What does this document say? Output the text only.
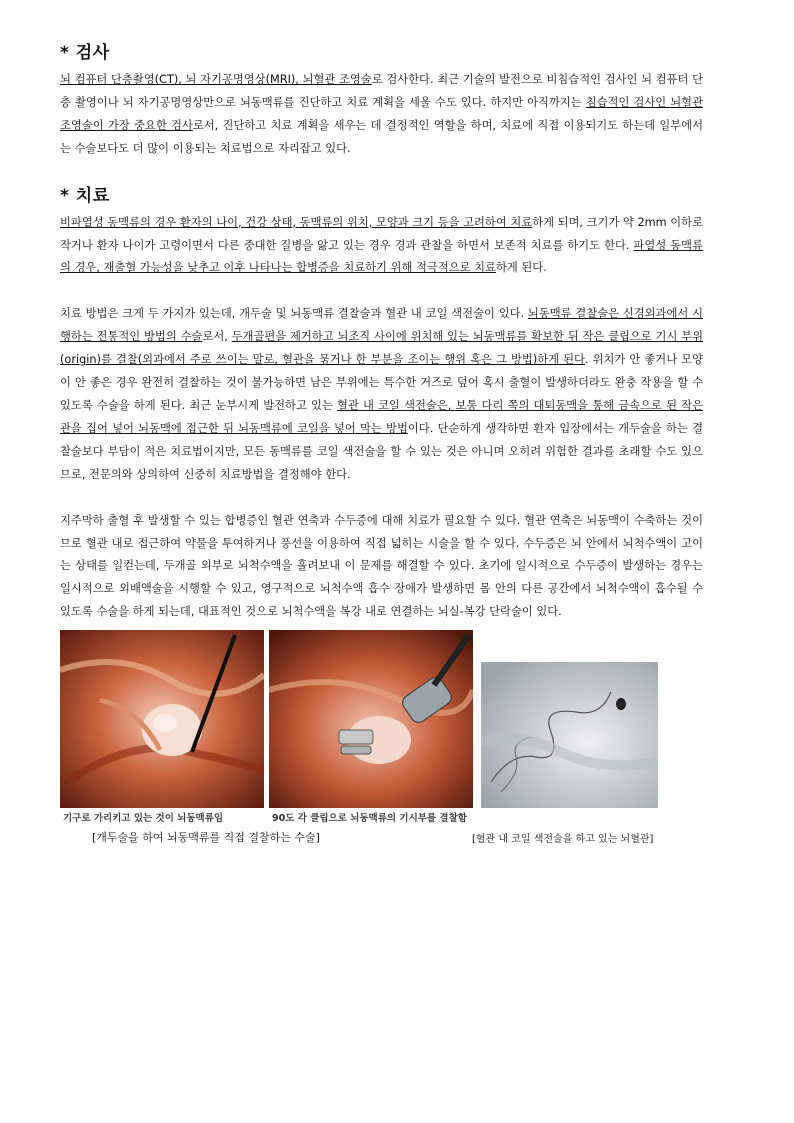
* 검사

뇌 컴퓨터 단층촬영(CT), 뇌 자기공명영상(MRI), 뇌혈관 조영술로 검사한다. 최근 기술의 발전으로 비침습적인 검사인 뇌 컴퓨터 단층 촬영이나 뇌 자기공명영상만으로 뇌동맥류를 진단하고 치료 계획을 세울 수도 있다. 하지만 아직까지는 침습적인 검사인 뇌혈관 조영술이 가장 중요한 검사로서, 진단하고 치료 계획을 세우는 데 결정적인 역할을 하며, 치료에 직접 이용되기도 하는데 일부에서는 수술보다도 더 많이 이용되는 치료법으로 자리잡고 있다.

* 치료

비파열성 동맥류의 경우 환자의 나이, 건강 상태, 동맥류의 위치, 모양과 크기 등을 고려하여 치료하게 되며, 크기가 약 2mm 이하로 작거나 환자 나이가 고령이면서 다른 중대한 질병을 앓고 있는 경우 경과 관찰을 하면서 보존적 치료를 하기도 한다. 파열성 동맥류의 경우, 재출혈 가능성을 낮추고 이후 나타나는 합병증을 치료하기 위해 적극적으로 치료하게 된다.

치료 방법은 크게 두 가지가 있는데, 개두술 및 뇌동맥류 결찰술과 혈관 내 코일 색전술이 있다. 뇌동맥류 결찰술은 신경외과에서 시행하는 전통적인 방법의 수술로서, 두개골편을 제거하고 뇌조직 사이에 위치해 있는 뇌동맥류를 확보한 뒤 작은 클립으로 기시 부위(origin)를 결찰(외과에서 주로 쓰이는 말로, 혈관을 묶거나 한 부분을 조이는 행위 혹은 그 방법)하게 된다. 위치가 안 좋거나 모양이 안 좋은 경우 완전히 결찰하는 것이 불가능하면 남은 부위에는 특수한 거즈로 덮어 혹시 출혈이 발생하더라도 완충 작용을 할 수 있도록 수술을 하게 된다. 최근 눈부시게 발전하고 있는 혈관 내 코일 색전술은, 보통 다리 쪽의 대퇴동맥을 통해 금속으로 된 작은 관을 집어 넣어 뇌동맥에 접근한 뒤 뇌동맥류에 코일을 넣어 막는 방법이다. 단순하게 생각하면 환자 입장에서는 개두술을 하는 결찰술보다 부담이 적은 치료법이지만, 모든 동맥류를 코일 색전술을 할 수 있는 것은 아니며 오히려 위험한 결과를 초래할 수도 있으므로, 전문의와 상의하여 신중히 치료방법을 결정해야 한다.

지주막하 출혈 후 발생할 수 있는 합병증인 혈관 연축과 수두증에 대해 치료가 필요할 수 있다. 혈관 연축은 뇌동맥이 수축하는 것이므로 혈관 내로 접근하여 약물을 투여하거나 풍선을 이용하여 직접 넓히는 시술을 할 수 있다. 수두증은 뇌 안에서 뇌척수액이 고이는 상태를 일컫는데, 두개골 외부로 뇌척수액을 흘려보내 이 문제를 해결할 수 있다. 초기에 일시적으로 수두증이 발생하는 경우는 일시적으로 외배액술을 시행할 수 있고, 영구적으로 뇌척수액 흡수 장애가 발생하면 몸 안의 다른 공간에서 뇌척수액이 흡수될 수 있도록 수술을 하게 되는데, 대표적인 것으로 뇌척수액을 복강 내로 연결하는 뇌실-복강 단락술이 있다.

기구로 가리키고 있는 것이 뇌동맥류임	90도 각 클립으로 뇌동맥류의 기시부를 결찰함
[개두술을 하여 뇌동맥류를 직접 결찰하는 수술]	[혈관 내 코일 색전술을 하고 있는 뇌혈관]
